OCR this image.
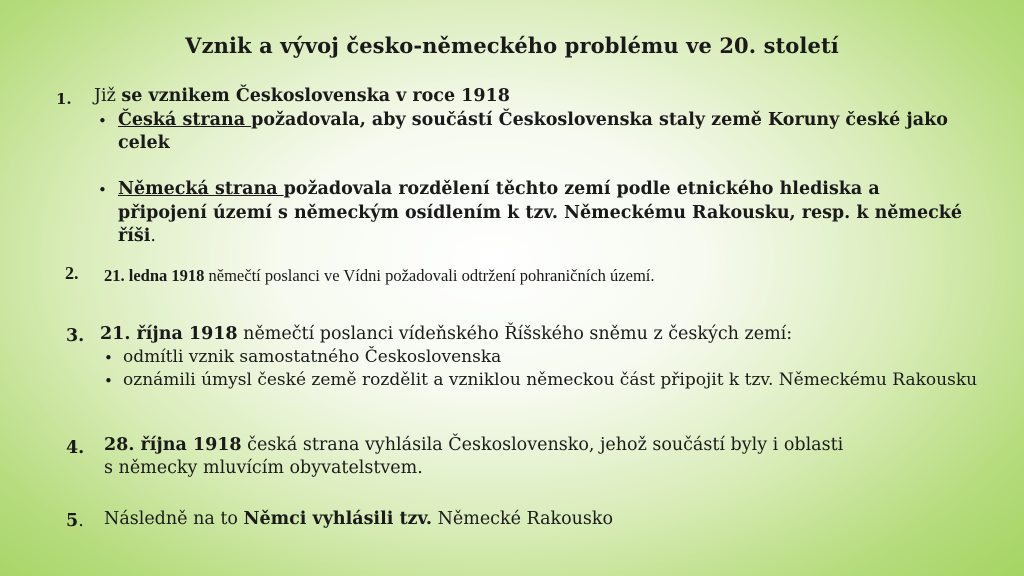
Vznik a vývoj česko-německého problému ve 20. století
1. Již se vznikem Československa v roce 1918
• Česká strana požadovala, aby součástí Československa staly země Koruny české jako
celek
• Německá strana požadovala rozdělení těchto zemí podle etnického hlediska a
připojení území s německým osídlením k tzv. Německému Rakousku, resp. k německé
říši.
2. 21. ledna 1918 němečtí poslanci ve Vídni požadovali odtržení pohraničních území.
3. 21. října 1918 němečtí poslanci vídeňského Říšského sněmu z českých zemí:
• odmítli vznik samostatného Československa
• oznámili úmysl české země rozdělit a vzniklou německou část připojit k tzv. Německému Rakousku
4. 28. října 1918 česká strana vyhlásila Československo, jehož součástí byly i oblasti
s německy mluvícím obyvatelstvem.
5. Následně na to Němci vyhlásili tzv. Německé Rakousko
